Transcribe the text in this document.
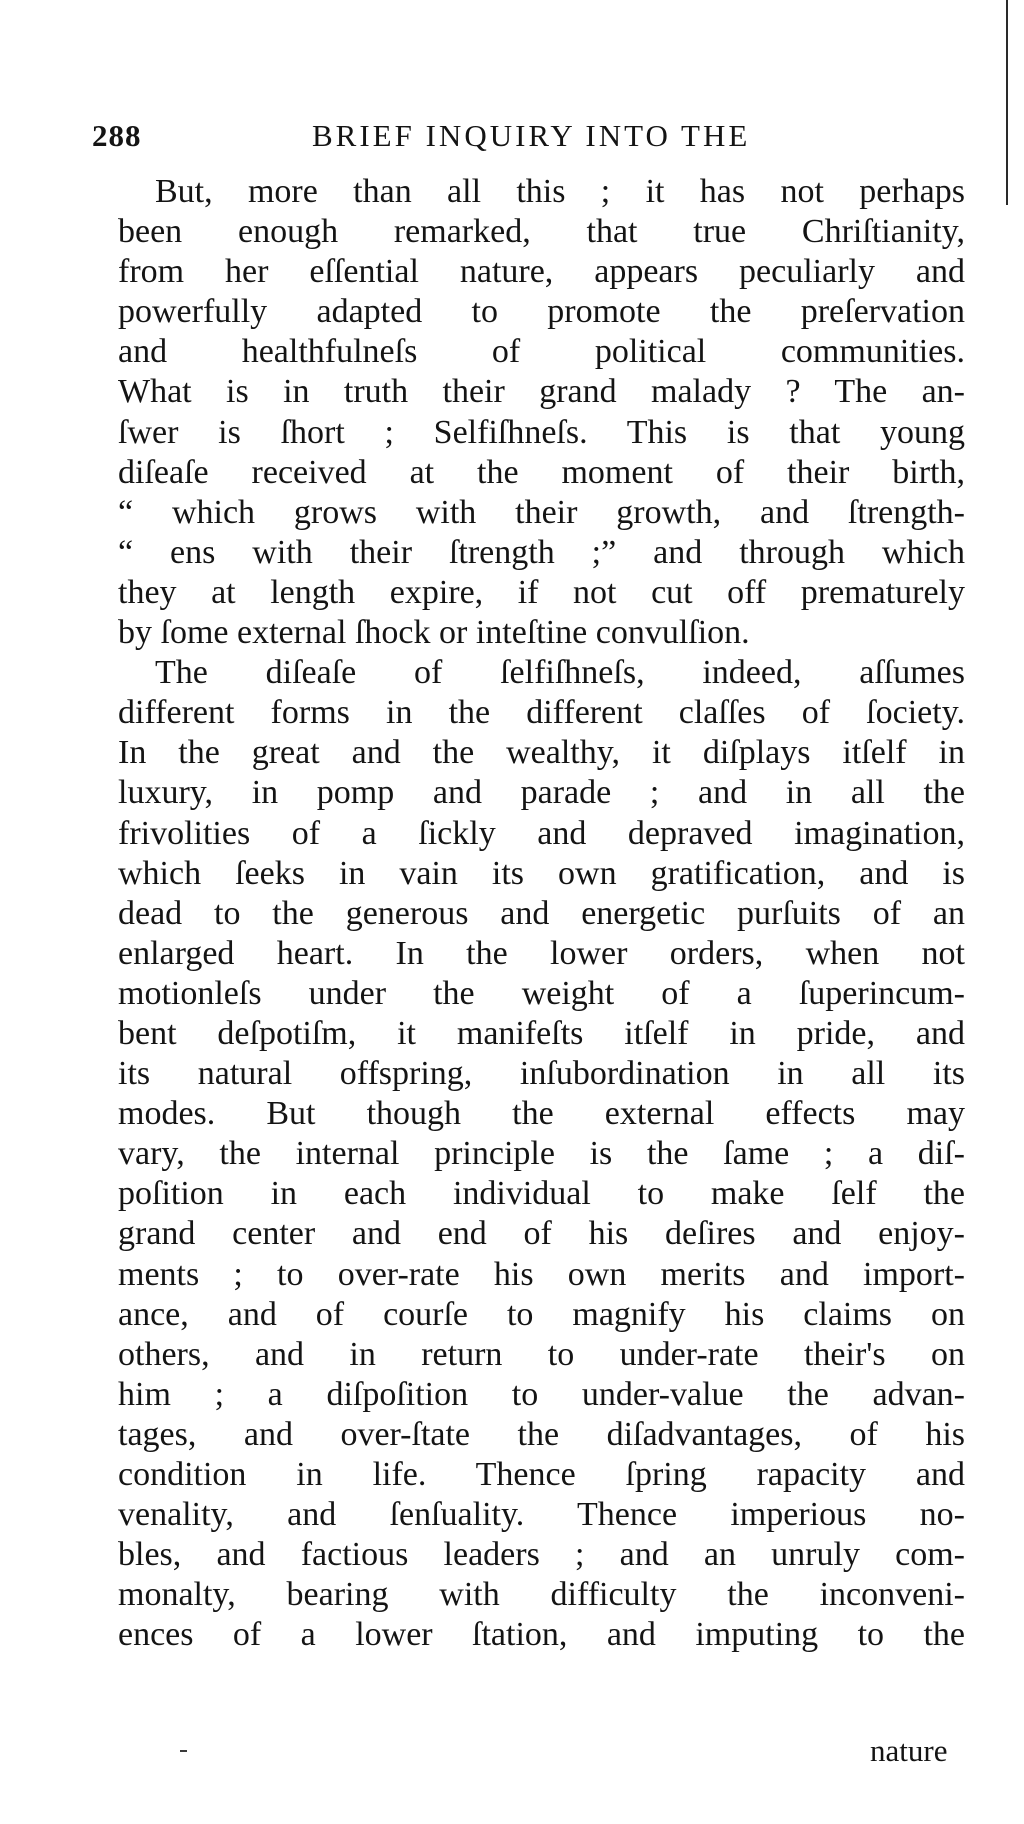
288	BRIEF INQUIRY INTO THE
But, more than all this ; it has not perhaps
been enough remarked, that true Chriſtianity,
from her eſſential nature, appears peculiarly and
powerfully adapted to promote the preſervation
and healthfulneſs of political communities.
What is in truth their grand malady ? The an-
ſwer is ſhort ; Selfiſhneſs. This is that young
diſeaſe received at the moment of their birth,
“ which grows with their growth, and ſtrength-
“ ens with their ſtrength ;” and through which
they at length expire, if not cut off prematurely
by ſome external ſhock or inteſtine convulſion.
The diſeaſe of ſelfiſhneſs, indeed, aſſumes
different forms in the different claſſes of ſociety.
In the great and the wealthy, it diſplays itſelf in
luxury, in pomp and parade ; and in all the
frivolities of a ſickly and depraved imagination,
which ſeeks in vain its own gratification, and is
dead to the generous and energetic purſuits of an
enlarged heart. In the lower orders, when not
motionleſs under the weight of a ſuperincum-
bent deſpotiſm, it manifeſts itſelf in pride, and
its natural offspring, inſubordination in all its
modes. But though the external effects may
vary, the internal principle is the ſame ; a diſ-
poſition in each individual to make ſelf the
grand center and end of his deſires and enjoy-
ments ; to over-rate his own merits and import-
ance, and of courſe to magnify his claims on
others, and in return to under-rate their's on
him ; a diſpoſition to under-value the advan-
tages, and over-ſtate the diſadvantages, of his
condition in life. Thence ſpring rapacity and
venality, and ſenſuality. Thence imperious no-
bles, and factious leaders ; and an unruly com-
monalty, bearing with difficulty the inconveni-
ences of a lower ſtation, and imputing to the
nature
